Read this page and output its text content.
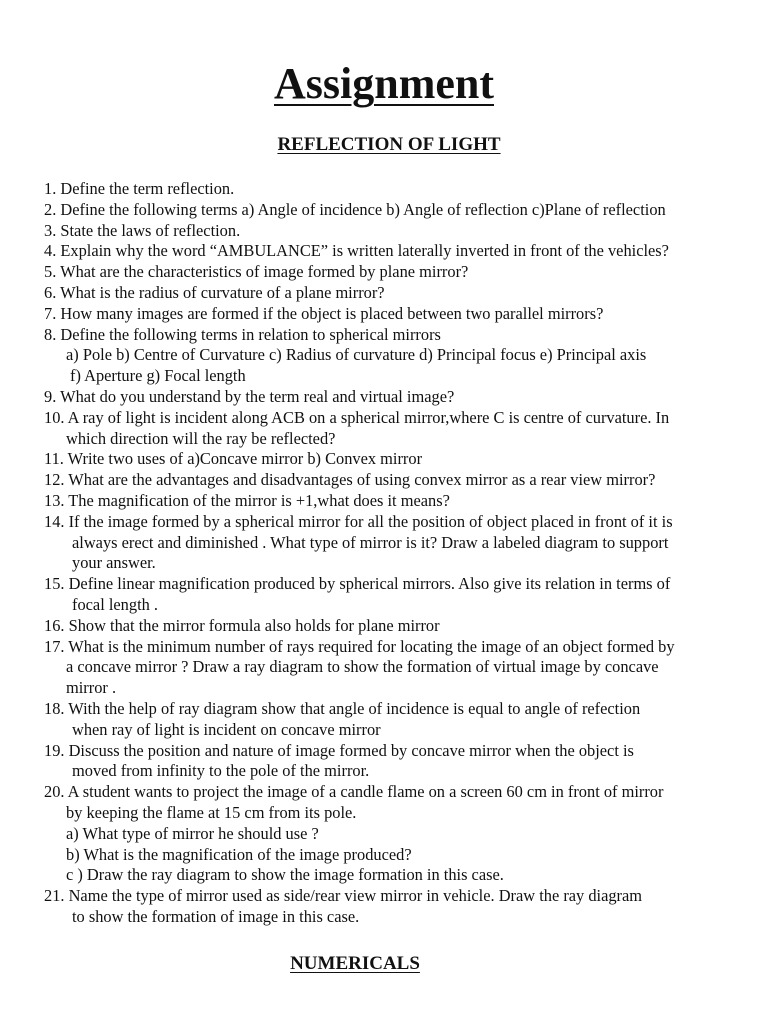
Assignment
REFLECTION OF LIGHT
1. Define the term reflection.
2. Define the following terms a) Angle of incidence b) Angle of reflection c)Plane of reflection
3. State the laws of reflection.
4. Explain why the word “AMBULANCE” is written laterally inverted in front of the vehicles?
5. What are the characteristics of image formed by plane mirror?
6. What is the radius of curvature of a plane mirror?
7. How many images are formed if the object is placed between two parallel mirrors?
8. Define the following terms in relation to spherical mirrors
a) Pole b) Centre of Curvature c) Radius of curvature d) Principal focus e) Principal axis
f) Aperture g) Focal length
9. What do you understand by the term real and virtual image?
10. A ray of light is incident along ACB on a spherical mirror,where C is centre of curvature. In
which direction will the ray be reflected?
11. Write two uses of a)Concave mirror b) Convex mirror
12. What are the advantages and disadvantages of using convex mirror as a rear view mirror?
13. The magnification of the mirror is +1,what does it means?
14. If the image formed by a spherical mirror for all the position of object placed in front of it is
always erect and diminished . What type of mirror is it? Draw a labeled diagram to support
your answer.
15. Define linear magnification produced by spherical mirrors. Also give its relation in terms of
focal length .
16. Show that the mirror formula also holds for plane mirror
17. What is the minimum number of rays required for locating the image of an object formed by
a concave mirror ? Draw a ray diagram to show the formation of virtual image by concave
mirror .
18. With the help of ray diagram show that angle of incidence is equal to angle of refection
when ray of light is incident on concave mirror
19. Discuss the position and nature of image formed by concave mirror when the object is
moved from infinity to the pole of the mirror.
20. A student wants to project the image of a candle flame on a screen 60 cm in front of mirror
by keeping the flame at 15 cm from its pole.
a) What type of mirror he should use ?
b) What is the magnification of the image produced?
c ) Draw the ray diagram to show the image formation in this case.
21. Name the type of mirror used as side/rear view mirror in vehicle. Draw the ray diagram
to show the formation of image in this case.
NUMERICALS
